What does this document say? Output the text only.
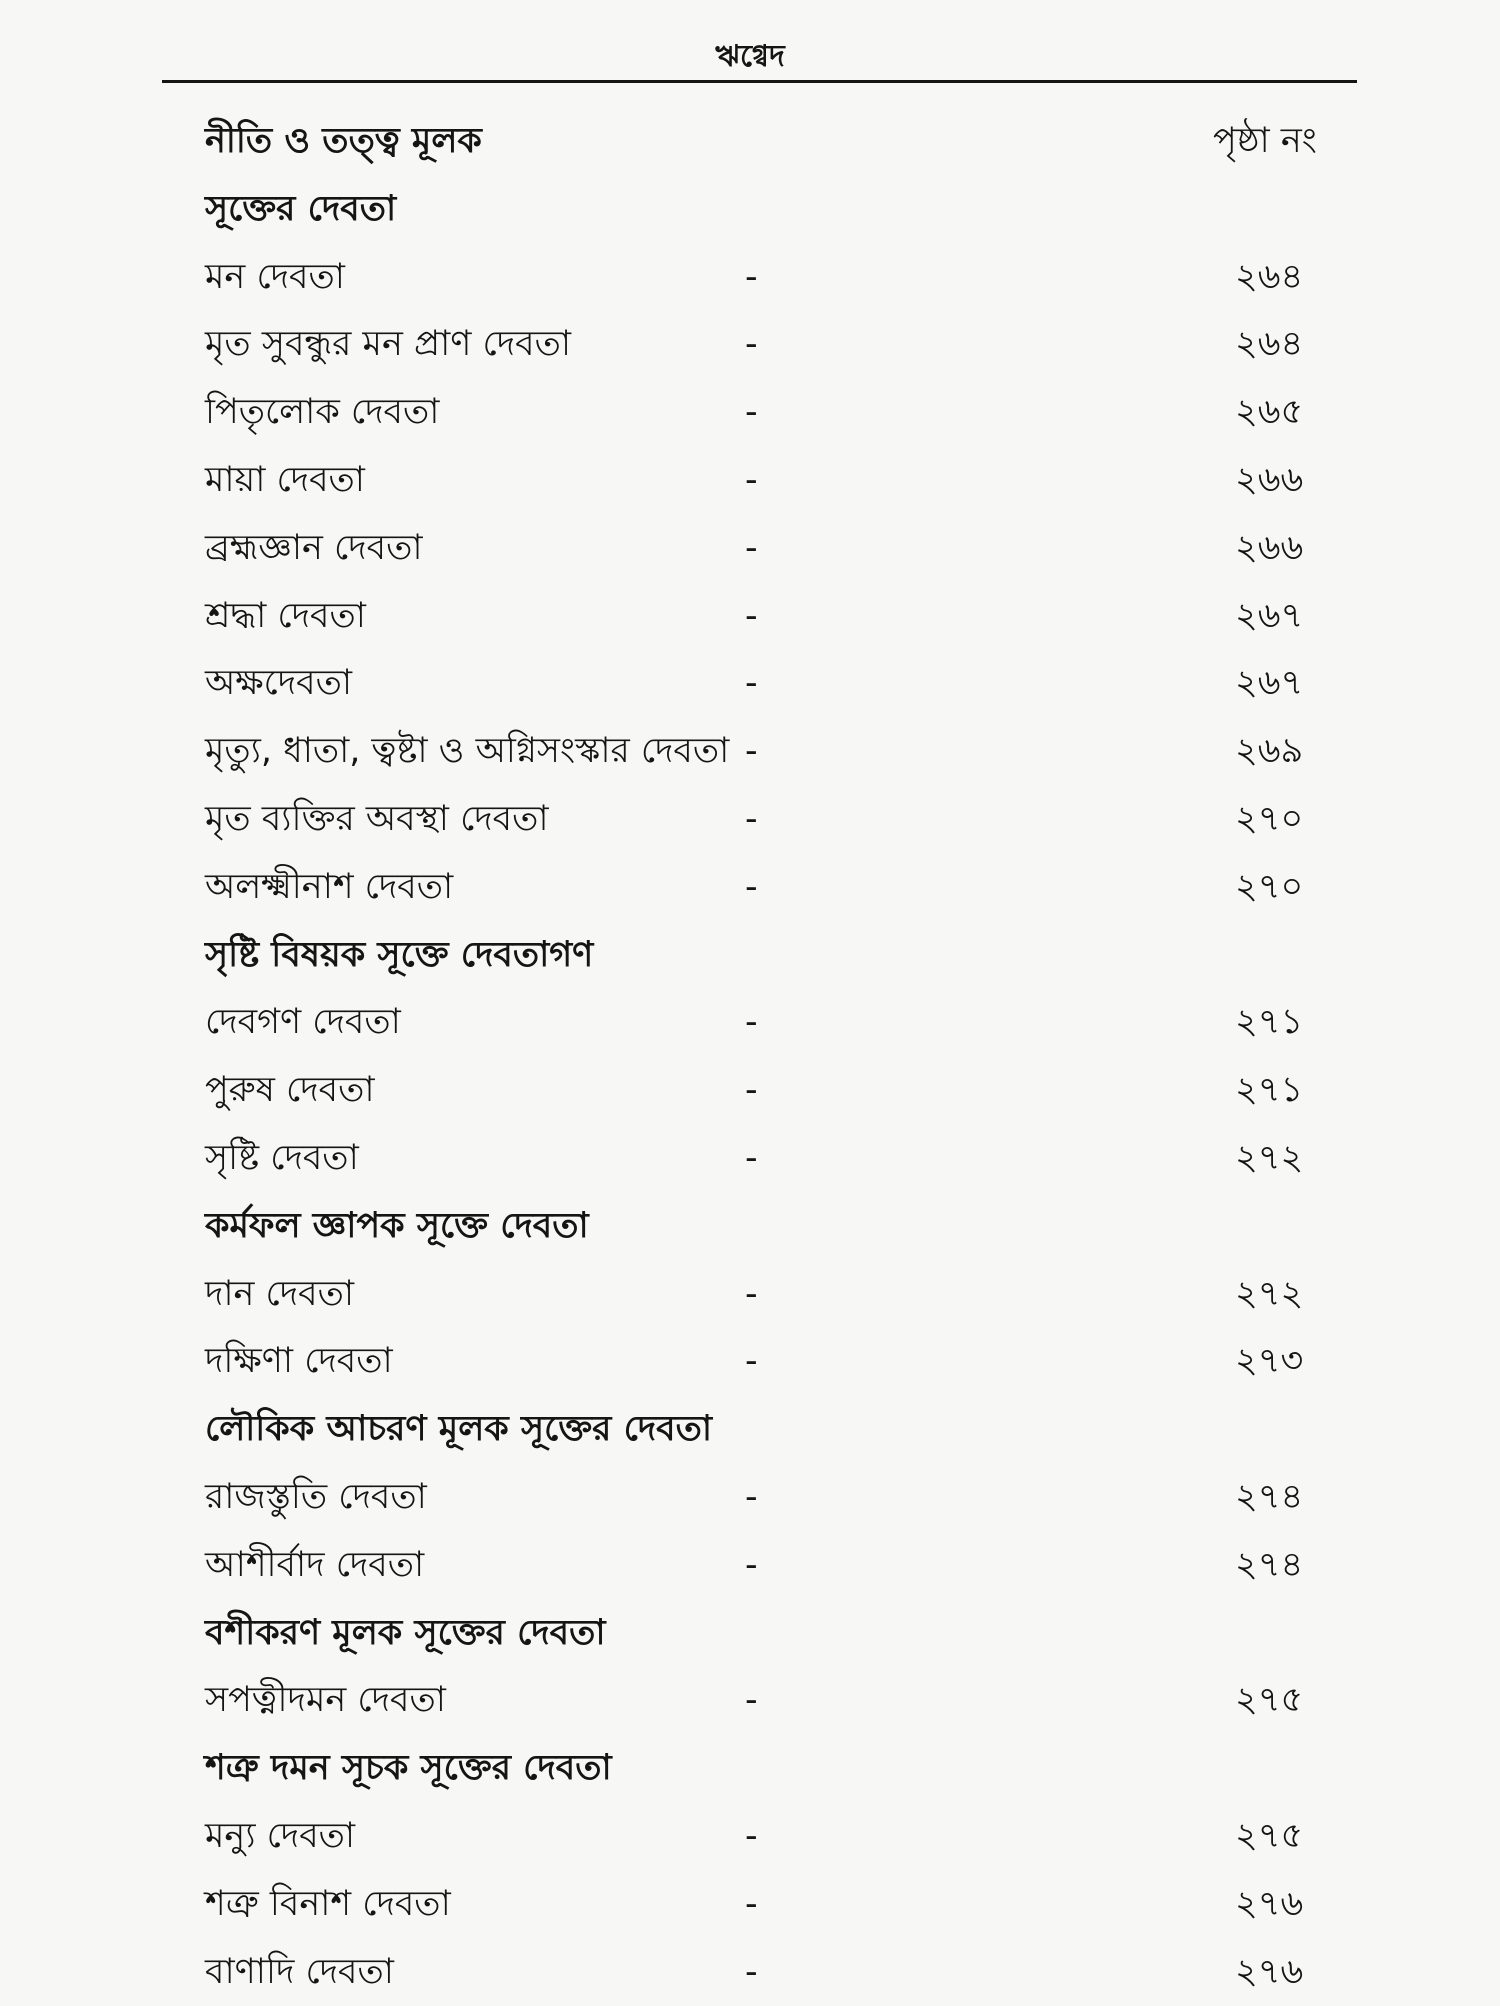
ঋগ্বেদ
নীতি ও তত্ত্ব মূলক	পৃষ্ঠা নং
সূক্তের দেবতা
মন দেবতা	-	২৬৪
মৃত সুবন্ধুর মন প্রাণ দেবতা	-	২৬৪
পিতৃলোক দেবতা	-	২৬৫
মায়া দেবতা	-	২৬৬
ব্রহ্মজ্ঞান দেবতা	-	২৬৬
শ্রদ্ধা দেবতা	-	২৬৭
অক্ষদেবতা	-	২৬৭
মৃত্যু, ধাতা, ত্বষ্টা ও অগ্নিসংস্কার দেবতা -	২৬৯
মৃত ব্যক্তির অবস্থা দেবতা	-	২৭০
অলক্ষ্মীনাশ দেবতা	-	২৭০
সৃষ্টি বিষয়ক সূক্তে দেবতাগণ
দেবগণ দেবতা	-	২৭১
পুরুষ দেবতা	-	২৭১
সৃষ্টি দেবতা	-	২৭২
কর্মফল জ্ঞাপক সূক্তে দেবতা
দান দেবতা	-	২৭২
দক্ষিণা দেবতা	-	২৭৩
লৌকিক আচরণ মূলক সূক্তের দেবতা
রাজস্তুতি দেবতা	-	২৭৪
আশীর্বাদ দেবতা	-	২৭৪
বশীকরণ মূলক সূক্তের দেবতা
সপত্নীদমন দেবতা	-	২৭৫
শত্রু দমন সূচক সূক্তের দেবতা
মন্যু দেবতা	-	২৭৫
শত্রু বিনাশ দেবতা	-	২৭৬
বাণাদি দেবতা	-	২৭৬
